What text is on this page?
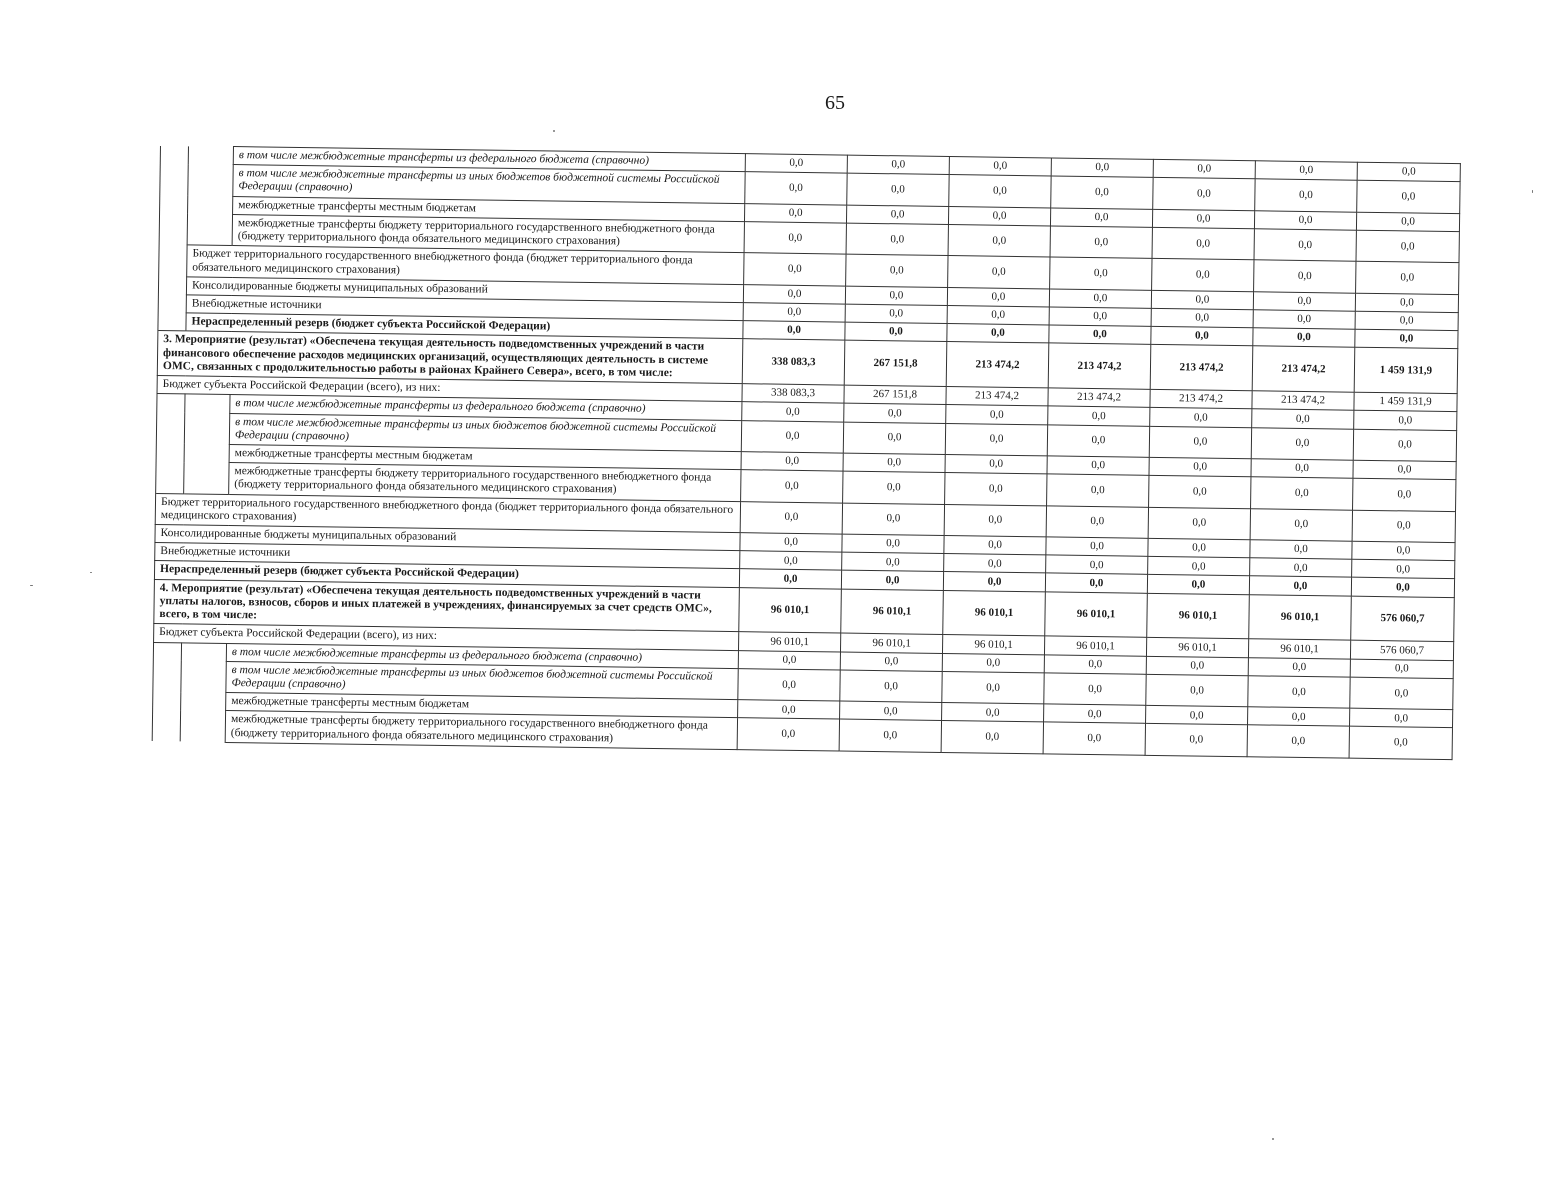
65
		в том числе межбюджетные трансферты из федерального бюджета (справочно)	0,0	0,0	0,0	0,0	0,0	0,0	0,0
		в том числе межбюджетные трансферты из иных бюджетов бюджетной системы Российской Федерации (справочно)	0,0	0,0	0,0	0,0	0,0	0,0	0,0
		межбюджетные трансферты местным бюджетам	0,0	0,0	0,0	0,0	0,0	0,0	0,0
		межбюджетные трансферты бюджету территориального государственного внебюджетного фонда (бюджету территориального фонда обязательного медицинского страхования)	0,0	0,0	0,0	0,0	0,0	0,0	0,0
	Бюджет территориального государственного внебюджетного фонда (бюджет территориального фонда обязательного медицинского страхования)		0,0	0,0	0,0	0,0	0,0	0,0	0,0
	Консолидированные бюджеты муниципальных образований		0,0	0,0	0,0	0,0	0,0	0,0	0,0
	Внебюджетные источники		0,0	0,0	0,0	0,0	0,0	0,0	0,0
	Нераспределенный резерв (бюджет субъекта Российской Федерации)		0,0	0,0	0,0	0,0	0,0	0,0	0,0
3. Мероприятие (результат) «Обеспечена текущая деятельность подведомственных учреждений в части финансового обеспечение расходов медицинских организаций, осуществляющих деятельность в системе ОМС, связанных с продолжительностью работы в районах Крайнего Севера», всего, в том числе:			338 083,3	267 151,8	213 474,2	213 474,2	213 474,2	213 474,2	1 459 131,9
Бюджет субъекта Российской Федерации (всего), из них:			338 083,3	267 151,8	213 474,2	213 474,2	213 474,2	213 474,2	1 459 131,9
		в том числе межбюджетные трансферты из федерального бюджета (справочно)	0,0	0,0	0,0	0,0	0,0	0,0	0,0
		в том числе межбюджетные трансферты из иных бюджетов бюджетной системы Российской Федерации (справочно)	0,0	0,0	0,0	0,0	0,0	0,0	0,0
		межбюджетные трансферты местным бюджетам	0,0	0,0	0,0	0,0	0,0	0,0	0,0
		межбюджетные трансферты бюджету территориального государственного внебюджетного фонда (бюджету территориального фонда обязательного медицинского страхования)	0,0	0,0	0,0	0,0	0,0	0,0	0,0
Бюджет территориального государственного внебюджетного фонда (бюджет территориального фонда обязательного медицинского страхования)			0,0	0,0	0,0	0,0	0,0	0,0	0,0
Консолидированные бюджеты муниципальных образований			0,0	0,0	0,0	0,0	0,0	0,0	0,0
Внебюджетные источники			0,0	0,0	0,0	0,0	0,0	0,0	0,0
Нераспределенный резерв (бюджет субъекта Российской Федерации)			0,0	0,0	0,0	0,0	0,0	0,0	0,0
4. Мероприятие (результат) «Обеспечена текущая деятельность подведомственных учреждений в части уплаты налогов, взносов, сборов и иных платежей в учреждениях, финансируемых за счет средств ОМС», всего, в том числе:			96 010,1	96 010,1	96 010,1	96 010,1	96 010,1	96 010,1	576 060,7
Бюджет субъекта Российской Федерации (всего), из них:			96 010,1	96 010,1	96 010,1	96 010,1	96 010,1	96 010,1	576 060,7
		в том числе межбюджетные трансферты из федерального бюджета (справочно)	0,0	0,0	0,0	0,0	0,0	0,0	0,0
		в том числе межбюджетные трансферты из иных бюджетов бюджетной системы Российской Федерации (справочно)	0,0	0,0	0,0	0,0	0,0	0,0	0,0
		межбюджетные трансферты местным бюджетам	0,0	0,0	0,0	0,0	0,0	0,0	0,0
		межбюджетные трансферты бюджету территориального государственного внебюджетного фонда (бюджету территориального фонда обязательного медицинского страхования)	0,0	0,0	0,0	0,0	0,0	0,0	0,0
